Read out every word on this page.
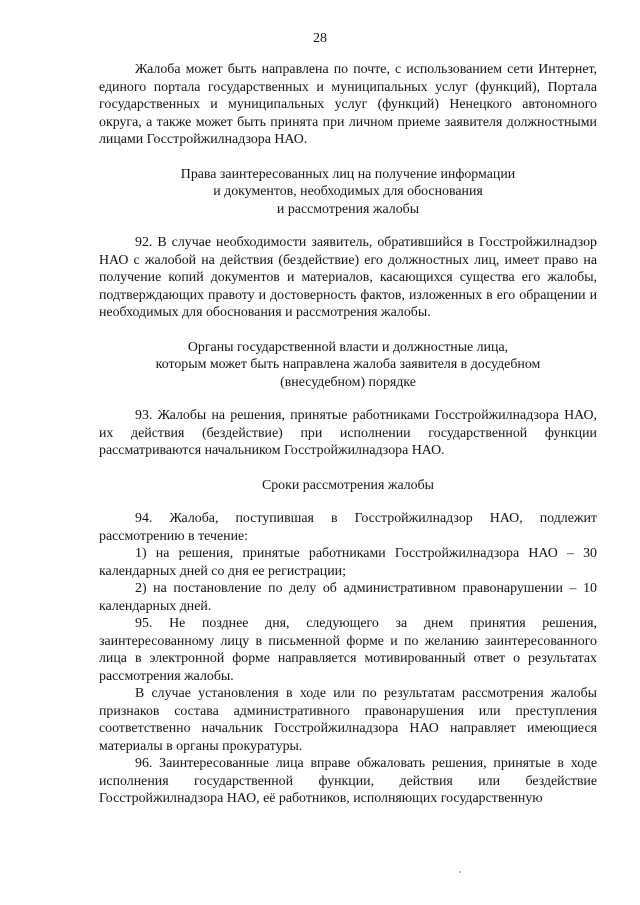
28

Жалоба может быть направлена по почте, с использованием сети Интернет, единого портала государственных и муниципальных услуг (функций), Портала государственных и муниципальных услуг (функций) Ненецкого автономного округа, а также может быть принята при личном приеме заявителя должностными лицами Госстройжилнадзора НАО.

Права заинтересованных лиц на получение информации
и документов, необходимых для обоснования
и рассмотрения жалобы

92. В случае необходимости заявитель, обратившийся в Госстройжилнадзор НАО с жалобой на действия (бездействие) его должностных лиц, имеет право на получение копий документов и материалов, касающихся существа его жалобы, подтверждающих правоту и достоверность фактов, изложенных в его обращении и необходимых для обоснования и рассмотрения жалобы.

Органы государственной власти и должностные лица,
которым может быть направлена жалоба заявителя в досудебном
(внесудебном) порядке

93. Жалобы на решения, принятые работниками Госстройжилнадзора НАО, их действия (бездействие) при исполнении государственной функции рассматриваются начальником Госстройжилнадзора НАО.

Сроки рассмотрения жалобы

94. Жалоба, поступившая в Госстройжилнадзор НАО, подлежит рассмотрению в течение:

1) на решения, принятые работниками Госстройжилнадзора НАО – 30 календарных дней со дня ее регистрации;

2) на постановление по делу об административном правонарушении – 10 календарных дней.

95. Не позднее дня, следующего за днем принятия решения, заинтересованному лицу в письменной форме и по желанию заинтересованного лица в электронной форме направляется мотивированный ответ о результатах рассмотрения жалобы.

В случае установления в ходе или по результатам рассмотрения жалобы признаков состава административного правонарушения или преступления соответственно начальник Госстройжилнадзора НАО направляет имеющиеся материалы в органы прокуратуры.

96. Заинтересованные лица вправе обжаловать решения, принятые в ходе исполнения государственной функции, действия или бездействие Госстройжилнадзора НАО, её работников, исполняющих государственную
